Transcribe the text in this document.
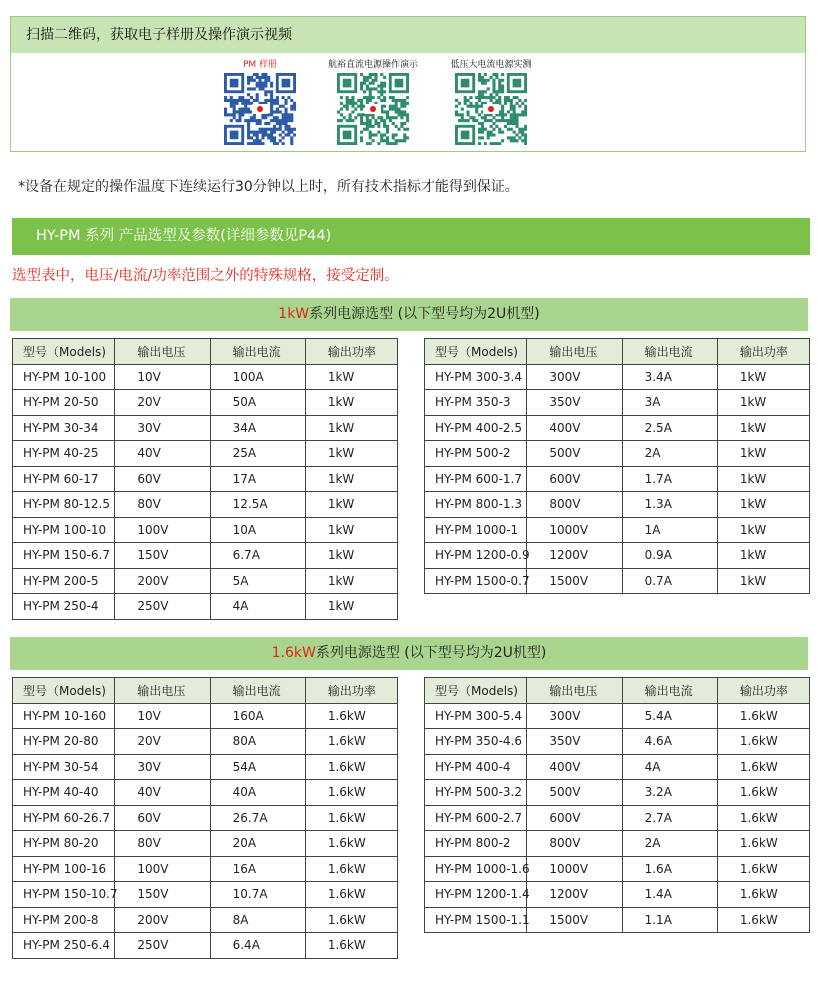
扫描二维码，获取电子样册及操作演示视频
PM 样册	航裕直流电源操作演示	低压大电流电源实测
*设备在规定的操作温度下连续运行30分钟以上时，所有技术指标才能得到保证。
HY-PM 系列 产品选型及参数(详细参数见P44)
选型表中，电压/电流/功率范围之外的特殊规格，接受定制。
1kW系列电源选型 (以下型号均为2U机型)
型号（Models)	输出电压	输出电流	输出功率
HY-PM 10-100	10V	100A	1kW
HY-PM 20-50	20V	50A	1kW
HY-PM 30-34	30V	34A	1kW
HY-PM 40-25	40V	25A	1kW
HY-PM 60-17	60V	17A	1kW
HY-PM 80-12.5	80V	12.5A	1kW
HY-PM 100-10	100V	10A	1kW
HY-PM 150-6.7	150V	6.7A	1kW
HY-PM 200-5	200V	5A	1kW
HY-PM 250-4	250V	4A	1kW
型号（Models)	输出电压	输出电流	输出功率
HY-PM 300-3.4	300V	3.4A	1kW
HY-PM 350-3	350V	3A	1kW
HY-PM 400-2.5	400V	2.5A	1kW
HY-PM 500-2	500V	2A	1kW
HY-PM 600-1.7	600V	1.7A	1kW
HY-PM 800-1.3	800V	1.3A	1kW
HY-PM 1000-1	1000V	1A	1kW
HY-PM 1200-0.9	1200V	0.9A	1kW
HY-PM 1500-0.7	1500V	0.7A	1kW
1.6kW系列电源选型 (以下型号均为2U机型)
型号（Models)	输出电压	输出电流	输出功率
HY-PM 10-160	10V	160A	1.6kW
HY-PM 20-80	20V	80A	1.6kW
HY-PM 30-54	30V	54A	1.6kW
HY-PM 40-40	40V	40A	1.6kW
HY-PM 60-26.7	60V	26.7A	1.6kW
HY-PM 80-20	80V	20A	1.6kW
HY-PM 100-16	100V	16A	1.6kW
HY-PM 150-10.7	150V	10.7A	1.6kW
HY-PM 200-8	200V	8A	1.6kW
HY-PM 250-6.4	250V	6.4A	1.6kW
型号（Models)	输出电压	输出电流	输出功率
HY-PM 300-5.4	300V	5.4A	1.6kW
HY-PM 350-4.6	350V	4.6A	1.6kW
HY-PM 400-4	400V	4A	1.6kW
HY-PM 500-3.2	500V	3.2A	1.6kW
HY-PM 600-2.7	600V	2.7A	1.6kW
HY-PM 800-2	800V	2A	1.6kW
HY-PM 1000-1.6	1000V	1.6A	1.6kW
HY-PM 1200-1.4	1200V	1.4A	1.6kW
HY-PM 1500-1.1	1500V	1.1A	1.6kW
